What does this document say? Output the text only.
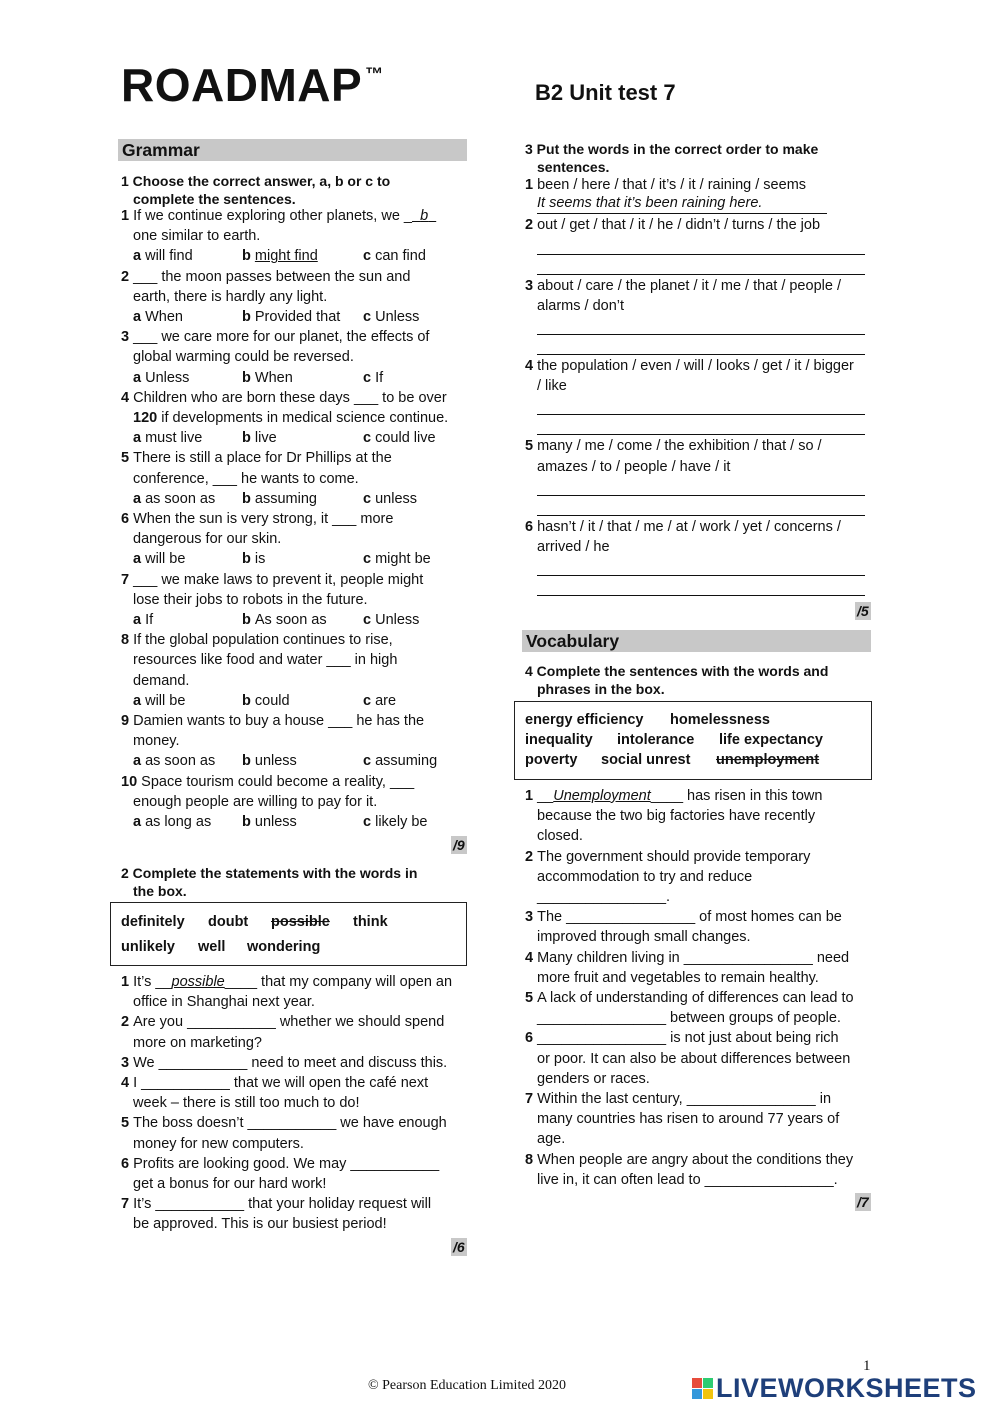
ROADMAP ™
B2 Unit test 7
Grammar
1 Choose the correct answer, a, b or c to
complete the sentences.
1 If we continue exploring other planets, we _ b
one similar to earth.
a will find	b might find	c can find
2 ___ the moon passes between the sun and
earth, there is hardly any light.
a When	b Provided that c Unless
3 ___ we care more for our planet, the effects of
global warming could be reversed.
a Unless	b When	c If
4 Children who are born these days ___ to be over
120 if developments in medical science continue.
a must live	b live	c could live
5 There is still a place for Dr Phillips at the
conference, ___ he wants to come.
a as soon as b assuming	c unless
6 When the sun is very strong, it ___ more
dangerous for our skin.
a will be	b is	c might be
7 ___ we make laws to prevent it, people might
lose their jobs to robots in the future.
a If	b As soon as	c Unless
8 If the global population continues to rise,
resources like food and water ___ in high
demand.
a will be	b could	c are
9 Damien wants to buy a house ___ he has the
money.
a as soon as b unless	c assuming
10 Space tourism could become a reality, ___
enough people are willing to pay for it.
a as long as b unless	c likely be
/9
2 Complete the statements with the words in
the box.
definitely doubt possible think
unlikely well wondering
1 It’s __possible____ that my company will open an
office in Shanghai next year.
2 Are you ___________ whether we should spend
more on marketing?
3 We ___________ need to meet and discuss this.
4 I ___________ that we will open the café next
week – there is still too much to do!
5 The boss doesn’t ___________ we have enough
money for new computers.
6 Profits are looking good. We may ___________
get a bonus for our hard work!
7 It’s ___________ that your holiday request will
be approved. This is our busiest period!
/6
3 Put the words in the correct order to make
sentences.
1 been / here / that / it’s / it / raining / seems
It seems that it’s been raining here.
2 out / get / that / it / he / didn’t / turns / the job
3 about / care / the planet / it / me / that / people /
alarms / don’t
4 the population / even / will / looks / get / it / bigger
/ like
5 many / me / come / the exhibition / that / so /
amazes / to / people / have / it
6 hasn’t / it / that / me / at / work / yet / concerns /
arrived / he
/5
Vocabulary
4 Complete the sentences with the words and
phrases in the box.
energy efficiency homelessness
inequality intolerance life expectancy
poverty social unrest unemployment
1 __Unemployment____ has risen in this town
because the two big factories have recently
closed.
2 The government should provide temporary
accommodation to try and reduce
________________.
3 The ________________ of most homes can be
improved through small changes.
4 Many children living in ________________ need
more fruit and vegetables to remain healthy.
5 A lack of understanding of differences can lead to
________________ between groups of people.
6 ________________ is not just about being rich
or poor. It can also be about differences between
genders or races.
7 Within the last century, ________________ in
many countries has risen to around 77 years of
age.
8 When people are angry about the conditions they
live in, it can often lead to ________________.
/7
1
© Pearson Education Limited 2020	LIVEWORKSHEETS
